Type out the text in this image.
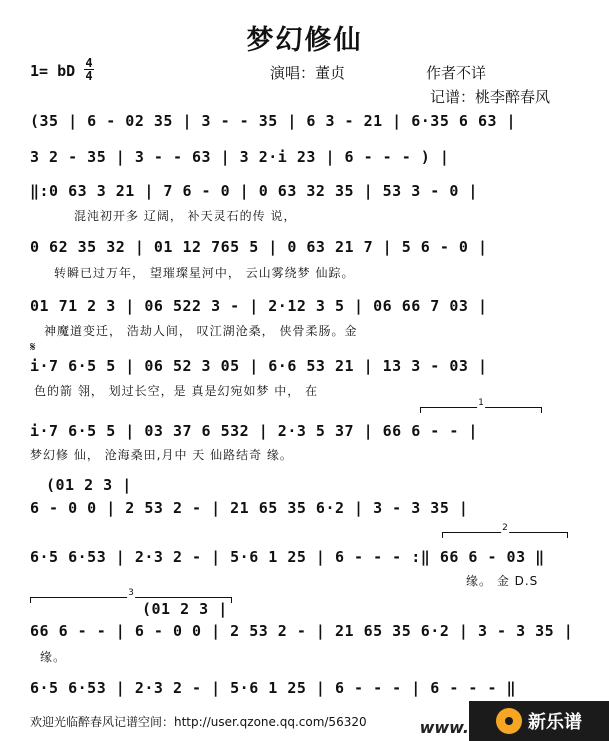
梦幻修仙
1= bD 4
4	演唱：董贞	作者不详
记谱：桃李醉春风
(35 | 6 - 02 35 | 3 - - 35 | 6 3 - 21 | 6·35 6 63 |
3 2 - 35 | 3 - - 63 | 3 2·i 23 | 6 - - - ) |
‖:0 63 3 21 | 7 6 - 0 | 0 63 32 35 | 53 3 - 0 |
混沌初开多 辽阔， 补天灵石的传 说，
0 62 35 32 | 01 12 765 5 | 0 63 21 7 | 5 6 - 0 |
转瞬已过万年， 望璀璨星河中， 云山雾绕梦 仙踪。
01 71 2 3 | 06 522 3 - | 2·12 3 5 | 06 66 7 03 |
神魔道变迁， 浩劫人间， 叹江湖沧桑， 侠骨柔肠。金
𝄋
i·7 6·5 5 | 06 52 3 05 | 6·6 53 21 | 13 3 - 03 |
色的箭 翎， 划过长空，是 真是幻宛如梦 中， 在
1
i·7 6·5 5 | 03 37 6 532 | 2·3 5 37 | 66 6 - - |
梦幻修 仙， 沧海桑田,月中 天 仙路结奇 缘。
(01 2 3 |
6 - 0 0 | 2 53 2 - | 21 65 35 6·2 | 3 - 3 35 |
2
6·5 6·53 | 2·3 2 - | 5·6 1 25 | 6 - - - :‖ 66 6 - 03 ‖
缘。 金 D.S
3
(01 2 3 |
66 6 - - | 6 - 0 0 | 2 53 2 - | 21 65 35 6·2 | 3 - 3 35 |
缘。
6·5 6·53 | 2·3 2 - | 5·6 1 25 | 6 - - - | 6 - - - ‖
欢迎光临醉春风记谱空间：http://user.qzone.qq.com/56320	www.	新乐谱
